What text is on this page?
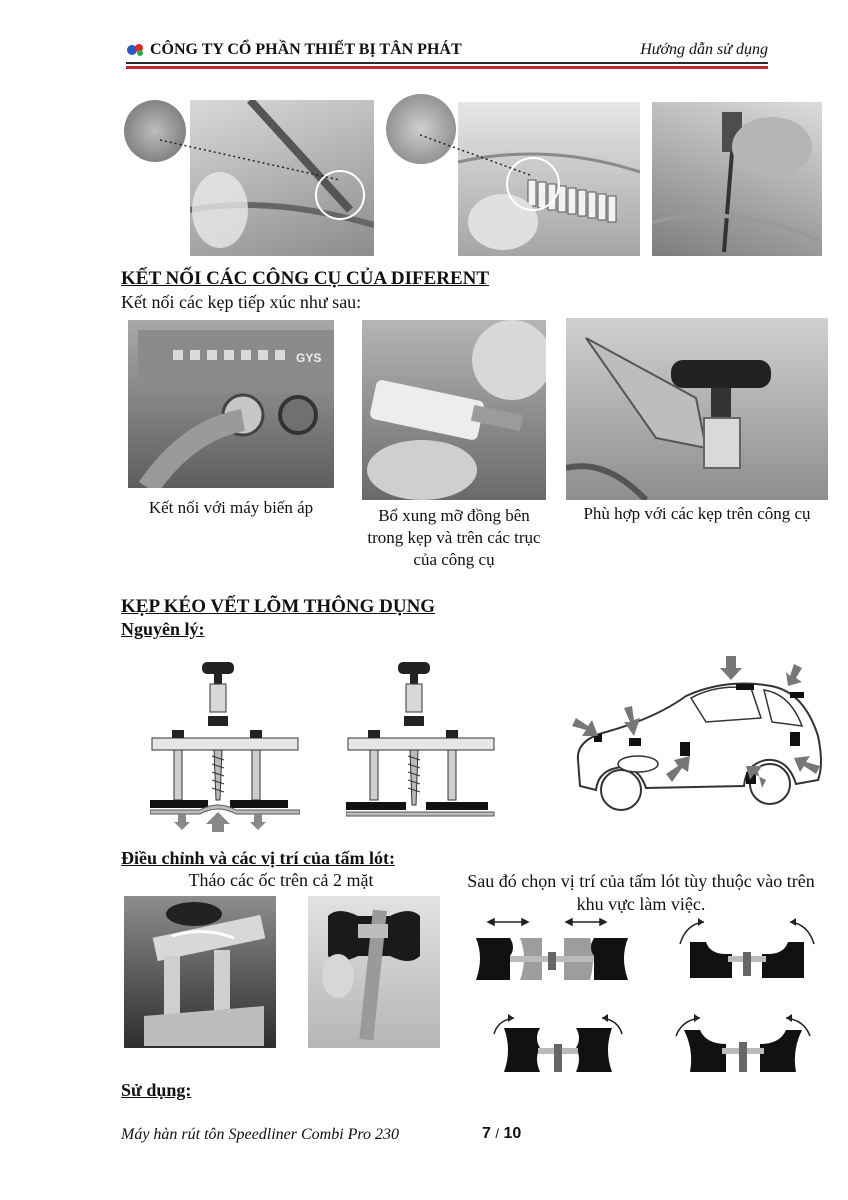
CÔNG TY CỔ PHẦN THIẾT BỊ TÂN PHÁT	Hướng dẫn sử dụng
KẾT NỐI CÁC CÔNG CỤ CỦA DIFERENT
Kết nối các kẹp tiếp xúc như sau:
GYS
Kết nối với máy biến áp	Bổ xung mỡ đồng bên trong kẹp và trên các trục của công cụ
Phù hợp với các kẹp trên công cụ
KẸP KÉO VẾT LÕM THÔNG DỤNG
Nguyên lý:
Điều chỉnh và các vị trí của tấm lót:
Tháo các ốc trên cả 2 mặt	Sau đó chọn vị trí của tấm lót tùy thuộc vào trên khu vực làm việc.
Sử dụng:
Máy hàn rút tôn Speedliner Combi Pro 230	7 / 10
